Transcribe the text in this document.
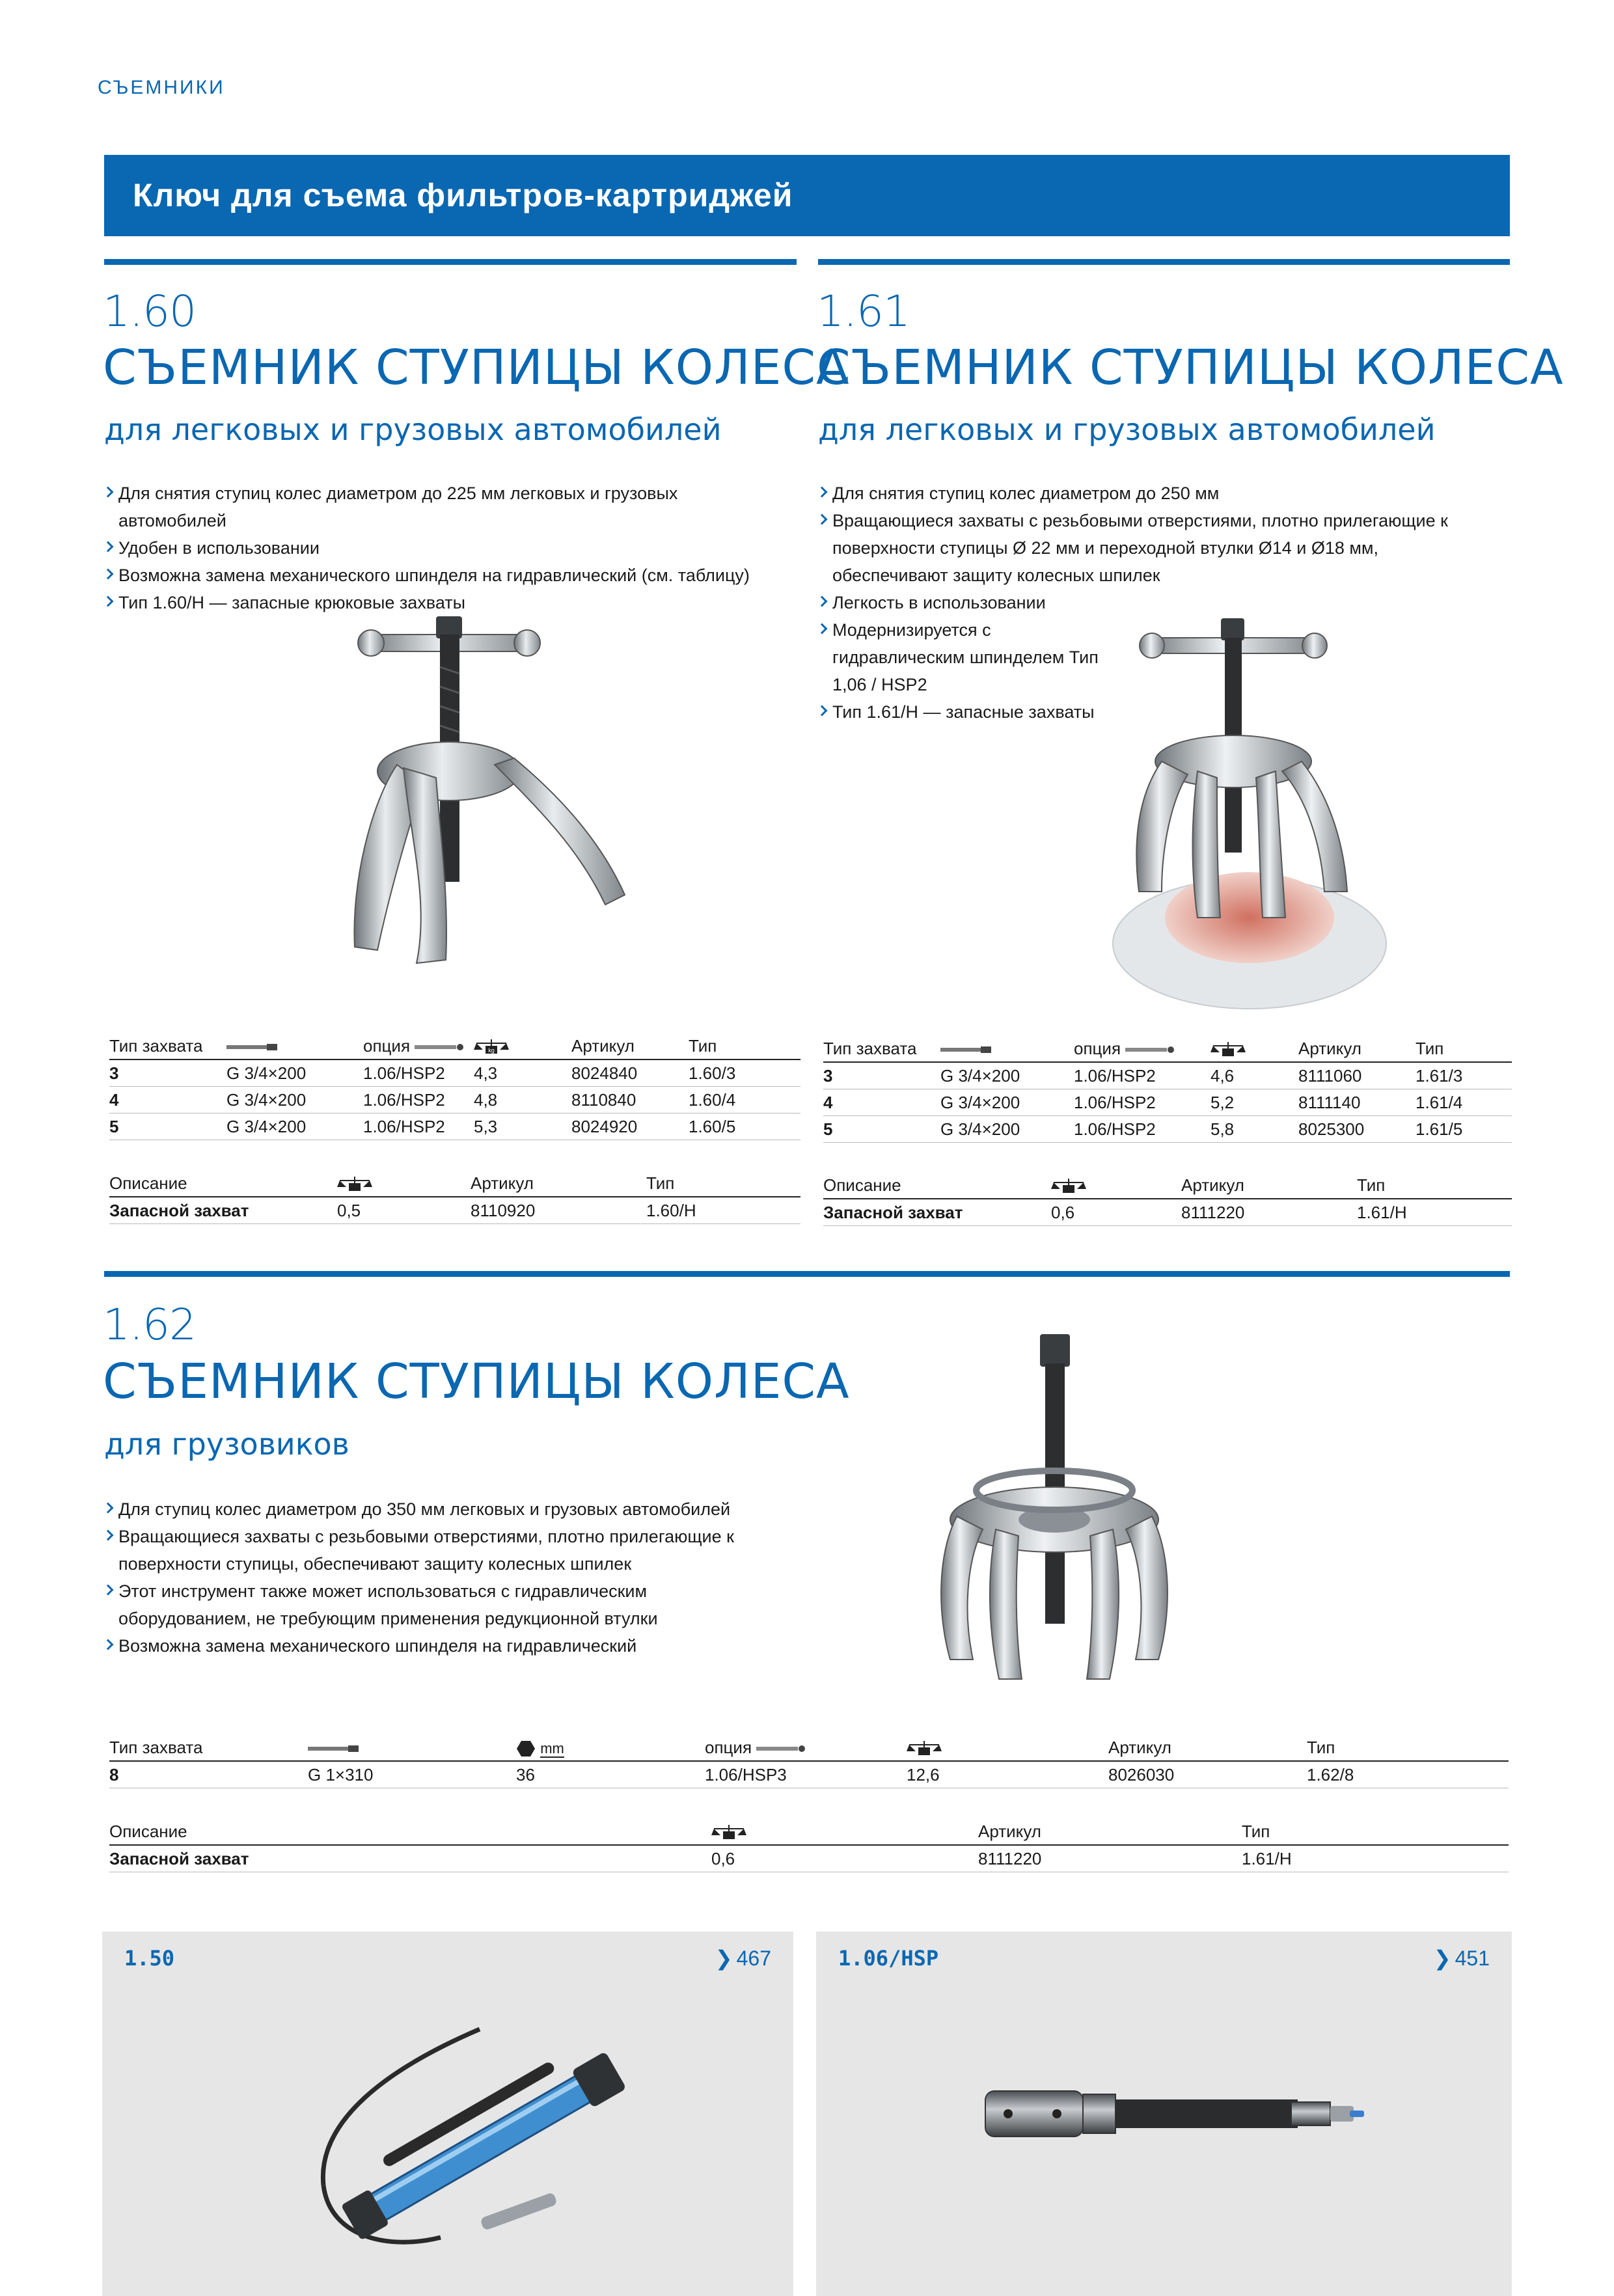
СЪЕМНИКИ
Ключ для съема фильтров-картриджей
1.60
СЪЕМНИК СТУПИЦЫ КОЛЕСА
для легковых и грузовых автомобилей
Для снятия ступиц колес диаметром до 225 мм легковых и грузовых автомобилей
Удобен в использовании
Возможна замена механического шпинделя на гидравлический (см. таблицу)
Тип 1.60/H — запасные крюковые захваты
Тип захвата		опция	kg	Артикул	Тип
3	G 3/4×200	1.06/HSP2	4,3	8024840	1.60/3
4	G 3/4×200	1.06/HSP2	4,8	8110840	1.60/4
5	G 3/4×200	1.06/HSP2	5,3	8024920	1.60/5
Описание		Артикул	Тип
Запасной захват	0,5	8110920	1.60/H
1.61
СЪЕМНИК СТУПИЦЫ КОЛЕСА
для легковых и грузовых автомобилей
Для снятия ступиц колес диаметром до 250 мм
Вращающиеся захваты с резьбовыми отверстиями, плотно прилегающие к поверхности ступицы Ø 22 мм и переходной втулки Ø14 и Ø18 мм, обеспечивают защиту колесных шпилек
Легкость в использовании
Модернизируется с гидравлическим шпинделем Тип 1,06 / HSP2
Тип 1.61/H — запасные захваты
Тип захвата		опция		Артикул	Тип
3	G 3/4×200	1.06/HSP2	4,6	8111060	1.61/3
4	G 3/4×200	1.06/HSP2	5,2	8111140	1.61/4
5	G 3/4×200	1.06/HSP2	5,8	8025300	1.61/5
Описание		Артикул	Тип
Запасной захват	0,6	8111220	1.61/H
1.62
СЪЕМНИК СТУПИЦЫ КОЛЕСА
для грузовиков
Для ступиц колес диаметром до 350 мм легковых и грузовых автомобилей
Вращающиеся захваты с резьбовыми отверстиями, плотно прилегающие к поверхности ступицы, обеспечивают защиту колесных шпилек
Этот инструмент также может использоваться с гидравлическим оборудованием, не требующим применения редукционной втулки
Возможна замена механического шпинделя на гидравлический
Тип захвата		mm	опция		Артикул	Тип
8	G 1×310	36	1.06/HSP3	12,6	8026030	1.62/8
Описание		Артикул	Тип
Запасной захват	0,6	8111220	1.61/H
1.50	❯ 467	1.06/HSP	❯ 451
